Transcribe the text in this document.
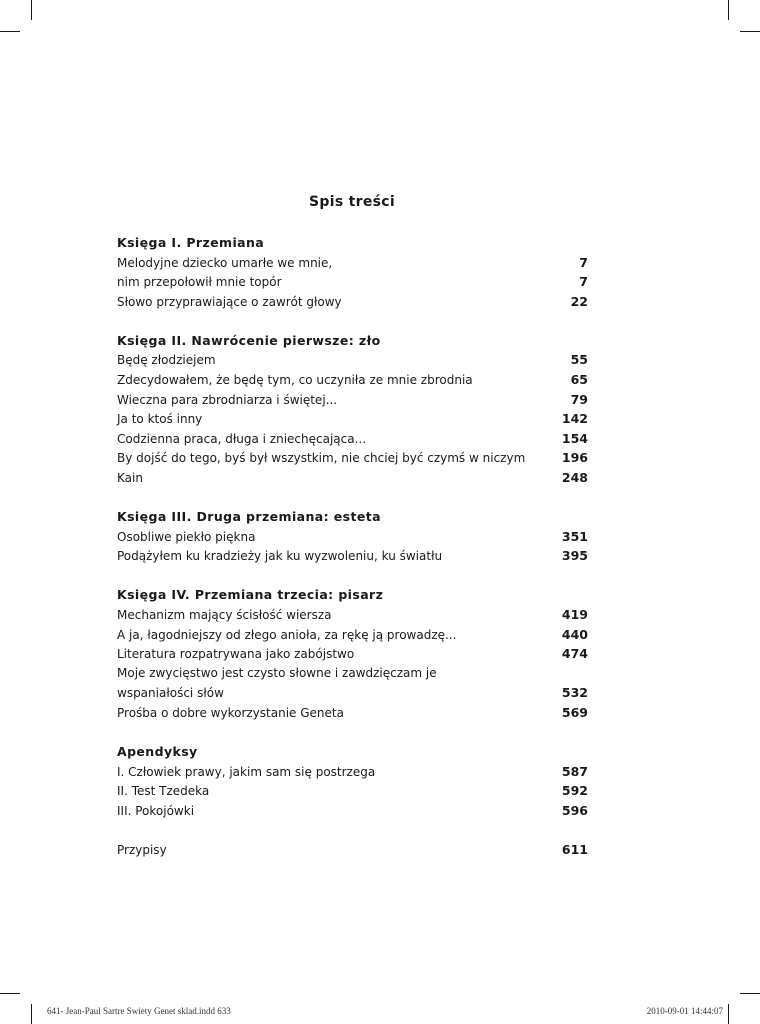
Spis treści
Księga I. Przemiana
Melodyjne dziecko umarłe we mnie,	7
nim przepołowił mnie topór	7
Słowo przyprawiające o zawrót głowy	22
Księga II. Nawrócenie pierwsze: zło
Będę złodziejem	55
Zdecydowałem, że będę tym, co uczyniła ze mnie zbrodnia	65
Wieczna para zbrodniarza i świętej...	79
Ja to ktoś inny	142
Codzienna praca, długa i zniechęcająca...	154
By dojść do tego, byś był wszystkim, nie chciej być czymś w niczym	196
Kain	248
Księga III. Druga przemiana: esteta
Osobliwe piekło piękna	351
Podążyłem ku kradzieży jak ku wyzwoleniu, ku światłu	395
Księga IV. Przemiana trzecia: pisarz
Mechanizm mający ścisłość wiersza	419
A ja, łagodniejszy od złego anioła, za rękę ją prowadzę...	440
Literatura rozpatrywana jako zabójstwo	474
Moje zwycięstwo jest czysto słowne i zawdzięczam je
wspaniałości słów	532
Prośba o dobre wykorzystanie Geneta	569
Apendyksy
I. Człowiek prawy, jakim sam się postrzega	587
II. Test Tzedeka	592
III. Pokojówki	596
Przypisy	611
641- Jean-Paul Sartre Swiety Genet sklad.indd 633	2010-09-01 14:44:07
